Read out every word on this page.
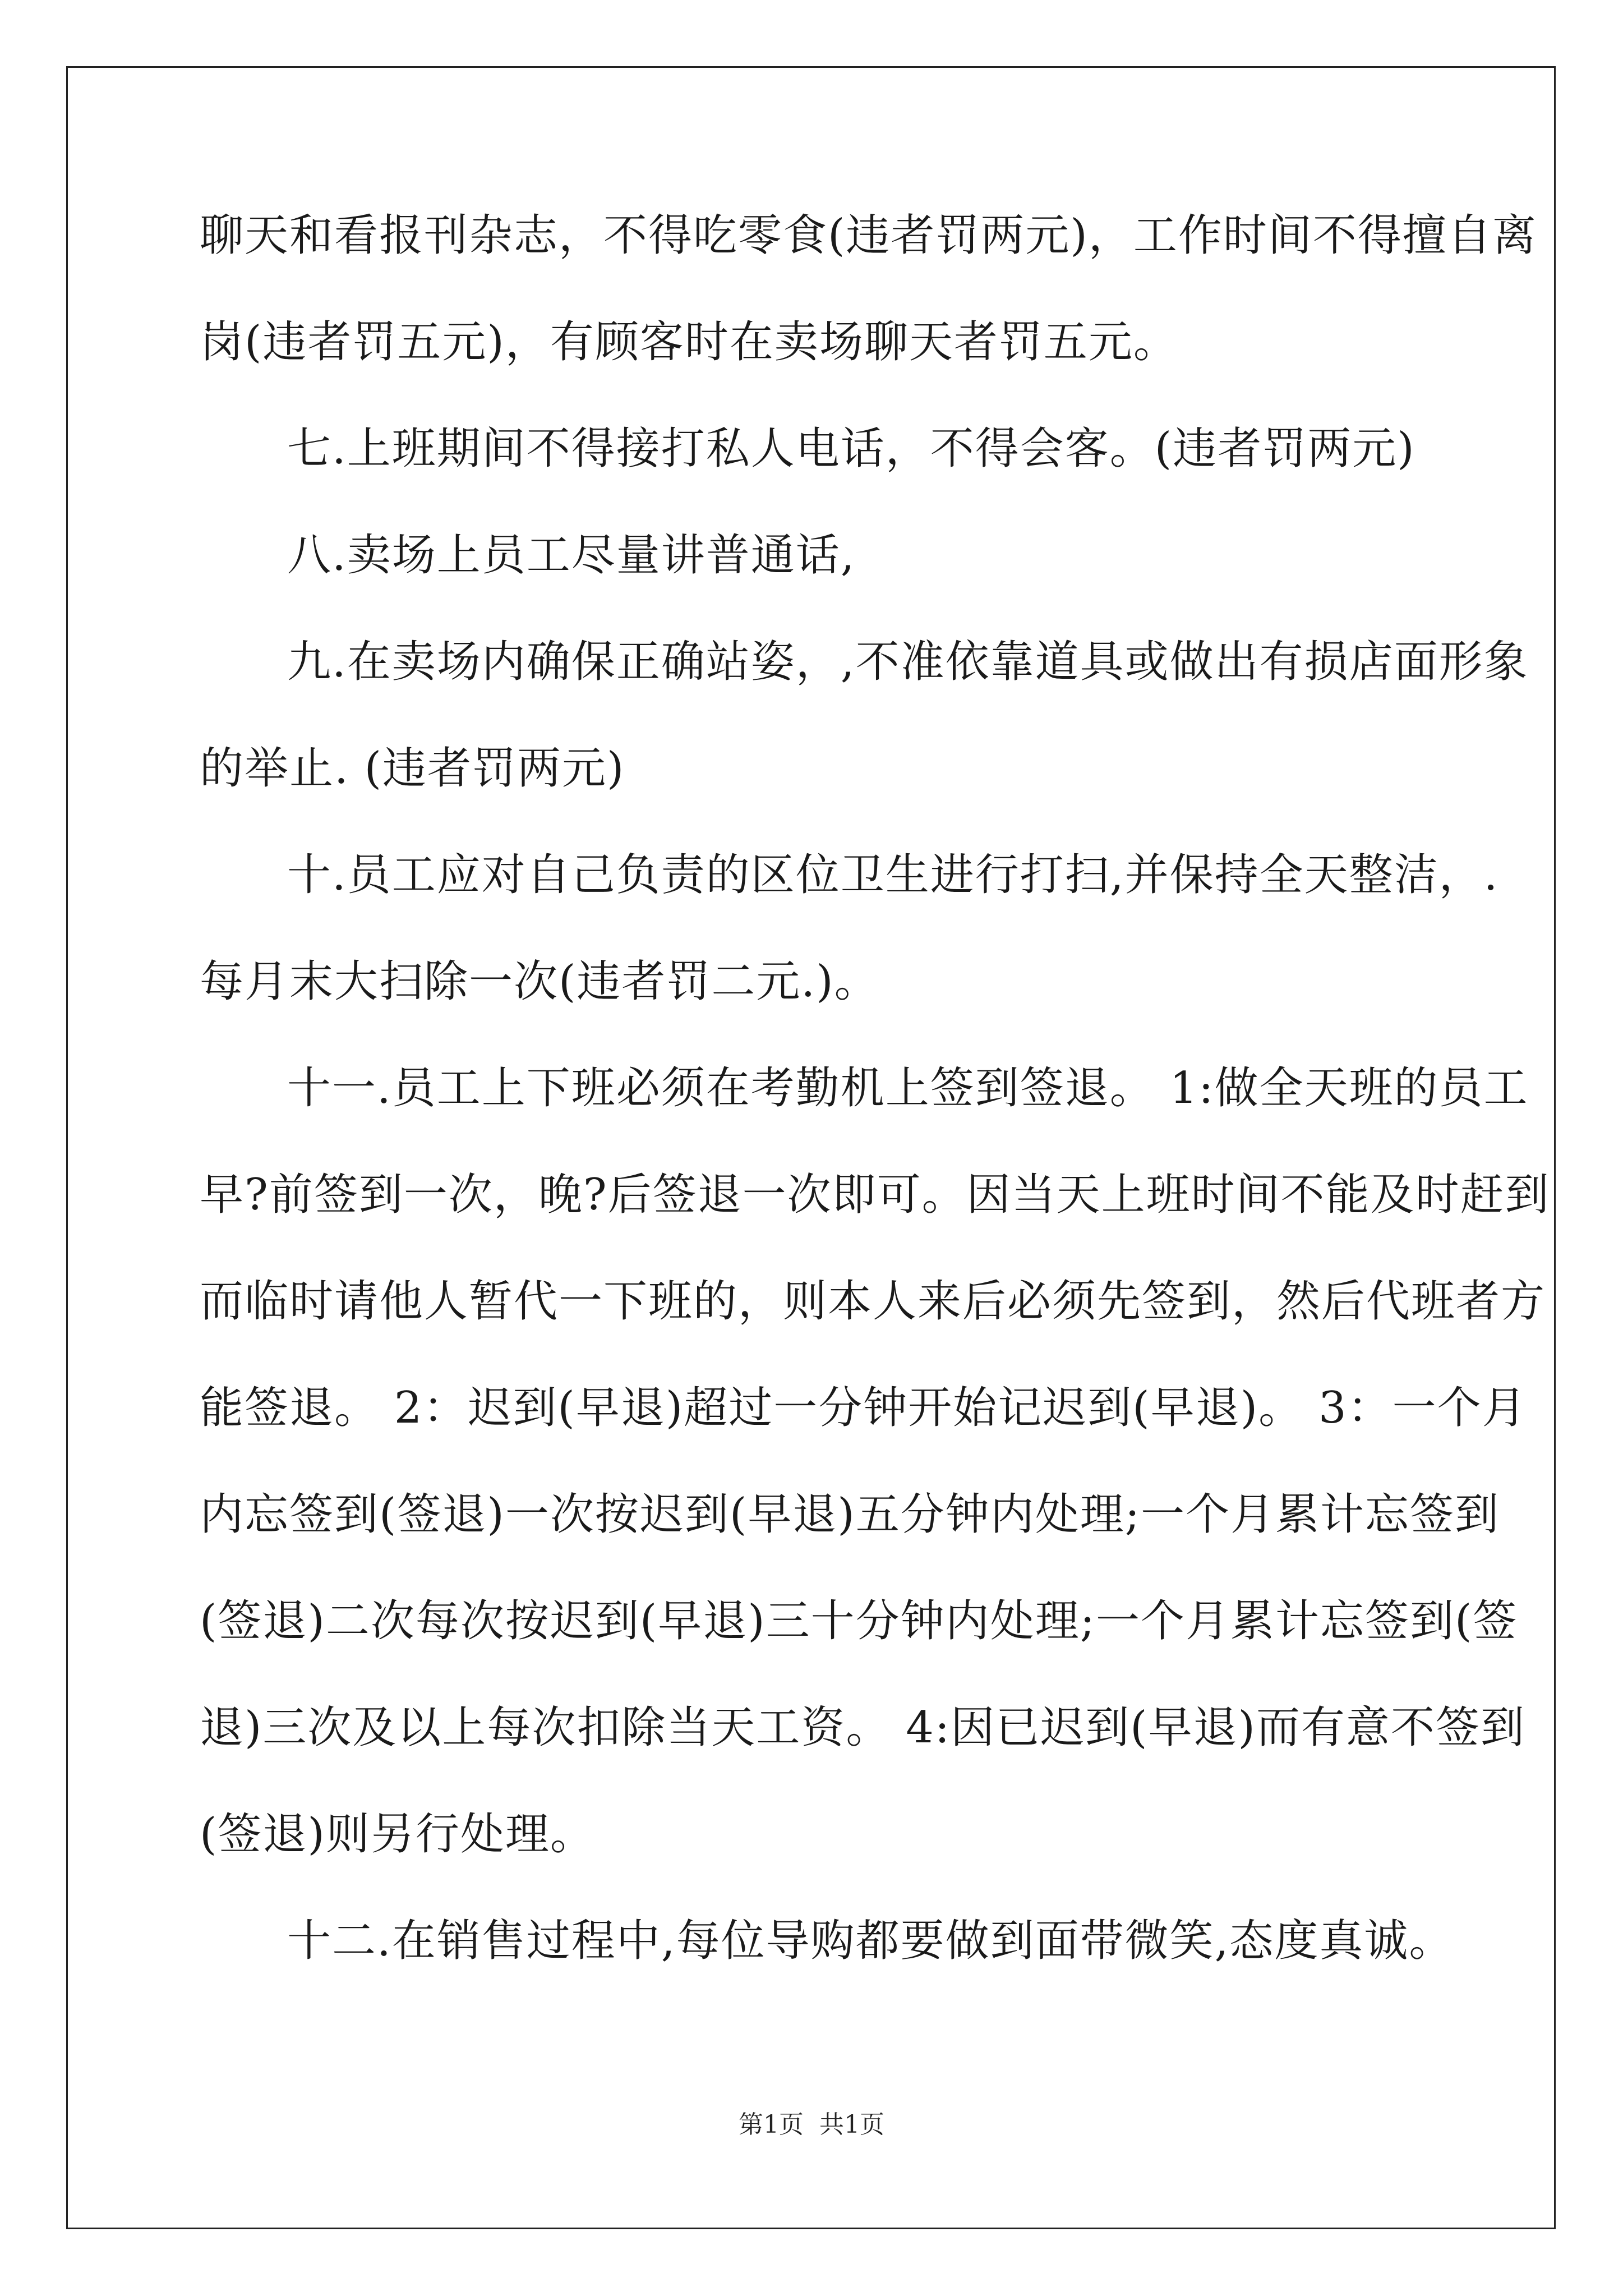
聊天和看报刊杂志，不得吃零食(违者罚两元)，工作时间不得擅自离
岗(违者罚五元)，有顾客时在卖场聊天者罚五元。
七.上班期间不得接打私人电话，不得会客。(违者罚两元)
八.卖场上员工尽量讲普通话,
九.在卖场内确保正确站姿，,不准依靠道具或做出有损店面形象
的举止. (违者罚两元)
十.员工应对自己负责的区位卫生进行打扫,并保持全天整洁，.
每月末大扫除一次(违者罚二元.)。
十一.员工上下班必须在考勤机上签到签退。 1:做全天班的员工
早?前签到一次，晚?后签退一次即可。因当天上班时间不能及时赶到
而临时请他人暂代一下班的，则本人来后必须先签到，然后代班者方
能签退。 2：迟到(早退)超过一分钟开始记迟到(早退)。 3：一个月
内忘签到(签退)一次按迟到(早退)五分钟内处理;一个月累计忘签到
(签退)二次每次按迟到(早退)三十分钟内处理;一个月累计忘签到(签
退)三次及以上每次扣除当天工资。 4:因已迟到(早退)而有意不签到
(签退)则另行处理。
十二.在销售过程中,每位导购都要做到面带微笑,态度真诚。
第1页 共1页
